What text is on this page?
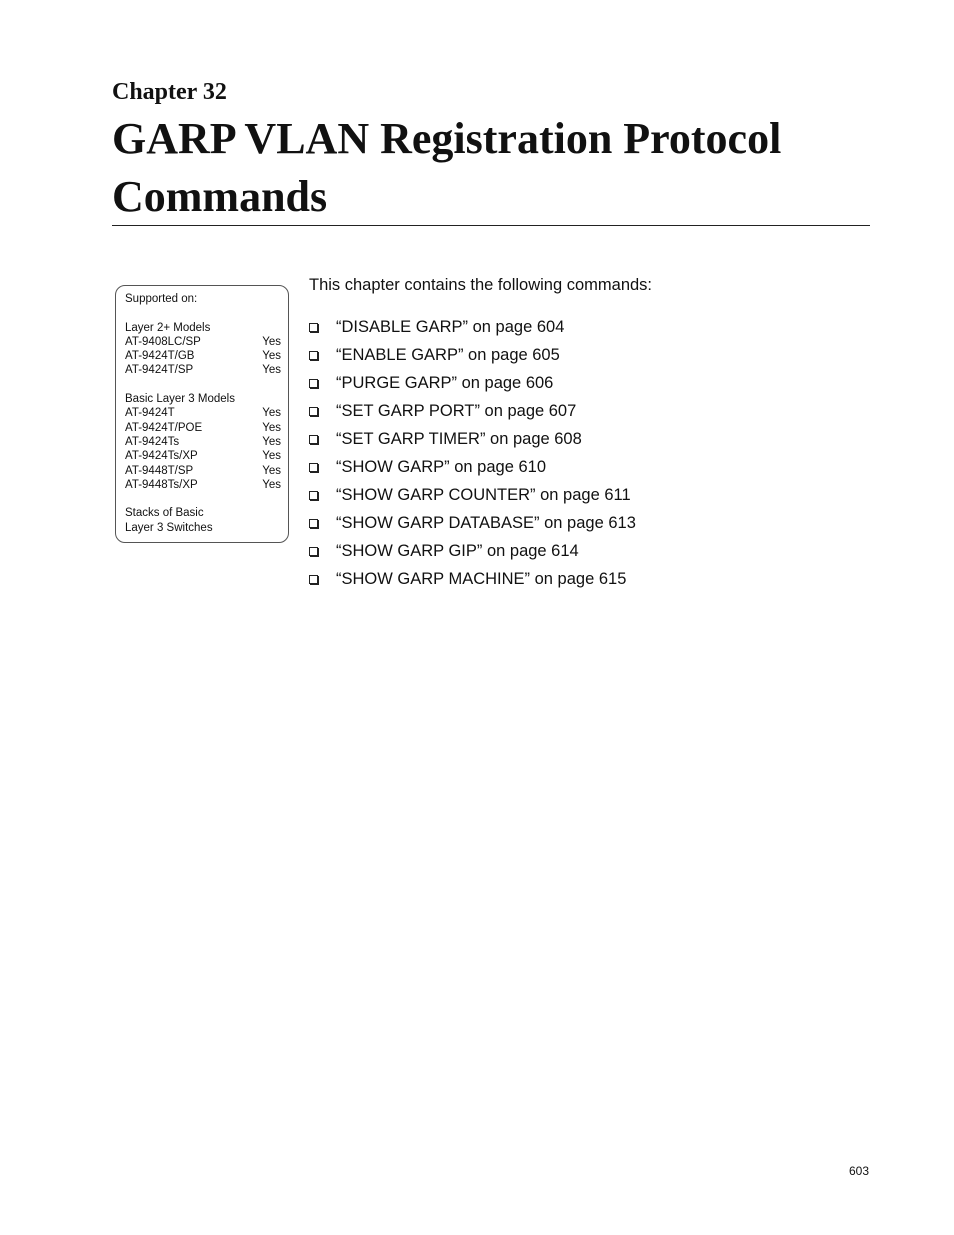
Chapter 32
GARP VLAN Registration Protocol Commands
Supported on:
Layer 2+ Models
AT-9408LC/SP	Yes
AT-9424T/GB	Yes
AT-9424T/SP	Yes
Basic Layer 3 Models
AT-9424T	Yes
AT-9424T/POE	Yes
AT-9424Ts	Yes
AT-9424Ts/XP	Yes
AT-9448T/SP	Yes
AT-9448Ts/XP	Yes
Stacks of Basic
Layer 3 Switches

This chapter contains the following commands:

“DISABLE GARP” on page 604
“ENABLE GARP” on page 605
“PURGE GARP” on page 606
“SET GARP PORT” on page 607
“SET GARP TIMER” on page 608
“SHOW GARP” on page 610
“SHOW GARP COUNTER” on page 611
“SHOW GARP DATABASE” on page 613
“SHOW GARP GIP” on page 614
“SHOW GARP MACHINE” on page 615

603
